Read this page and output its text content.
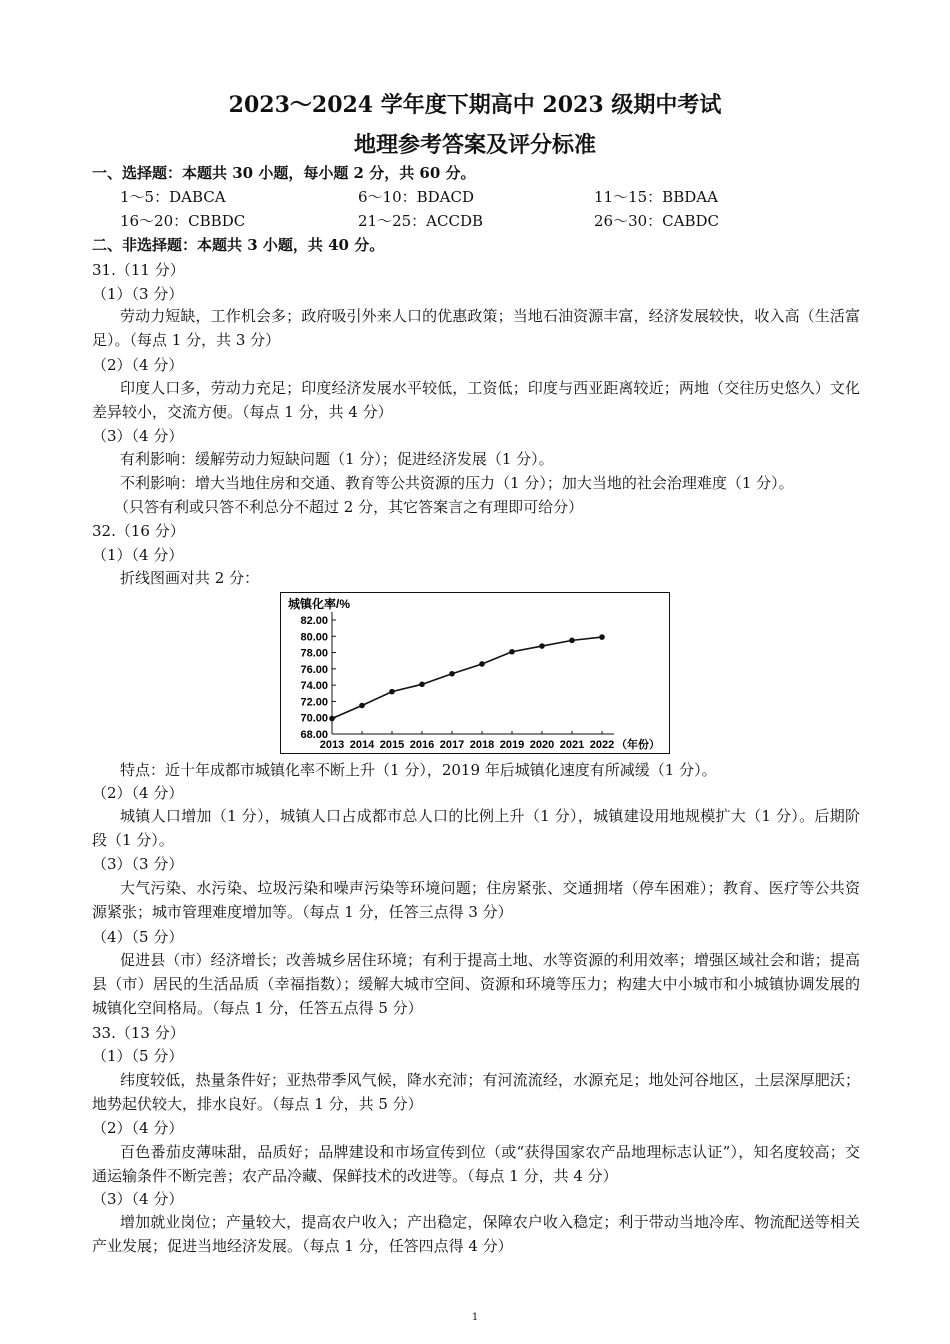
2023～2024 学年度下期高中 2023 级期中考试
地理参考答案及评分标准
一、选择题：本题共 30 小题，每小题 2 分，共 60 分。
1～5：DABCA	6～10：BDACD	11～15：BBDAA
16～20：CBBDC	21～25：ACCDB	26～30：CABDC
二、非选择题：本题共 3 小题，共 40 分。
31.（11 分）
（1）（3 分）
劳动力短缺，工作机会多；政府吸引外来人口的优惠政策；当地石油资源丰富，经济发展较快，收入高（生活富足）。（每点 1 分，共 3 分）
（2）（4 分）
印度人口多，劳动力充足；印度经济发展水平较低，工资低；印度与西亚距离较近；两地（交往历史悠久）文化差异较小，交流方便。（每点 1 分，共 4 分）
（3）（4 分）
有利影响：缓解劳动力短缺问题（1 分）；促进经济发展（1 分）。
不利影响：增大当地住房和交通、教育等公共资源的压力（1 分）；加大当地的社会治理难度（1 分）。
（只答有利或只答不利总分不超过 2 分，其它答案言之有理即可给分）
32.（16 分）
（1）（4 分）
折线图画对共 2 分：
城镇化率/%
68.00
70.00
72.00
74.00
76.00
78.00
80.00
82.00
2013 2014 2015 2016 2017 2018 2019 2020 2021 2022 （年份）
特点：近十年成都市城镇化率不断上升（1 分），2019 年后城镇化速度有所减缓（1 分）。
（2）（4 分）
城镇人口增加（1 分），城镇人口占成都市总人口的比例上升（1 分），城镇建设用地规模扩大（1 分）。后期阶段（1 分）。
（3）（3 分）
大气污染、水污染、垃圾污染和噪声污染等环境问题；住房紧张、交通拥堵（停车困难）；教育、医疗等公共资源紧张；城市管理难度增加等。（每点 1 分，任答三点得 3 分）
（4）（5 分）
促进县（市）经济增长；改善城乡居住环境；有利于提高土地、水等资源的利用效率；增强区域社会和谐；提高县（市）居民的生活品质（幸福指数）；缓解大城市空间、资源和环境等压力；构建大中小城市和小城镇协调发展的城镇化空间格局。（每点 1 分，任答五点得 5 分）
33.（13 分）
（1）（5 分）
纬度较低，热量条件好；亚热带季风气候，降水充沛；有河流流经，水源充足；地处河谷地区，土层深厚肥沃；地势起伏较大，排水良好。（每点 1 分，共 5 分）
（2）（4 分）
百色番茄皮薄味甜，品质好；品牌建设和市场宣传到位（或“获得国家农产品地理标志认证”），知名度较高；交通运输条件不断完善；农产品冷藏、保鲜技术的改进等。（每点 1 分，共 4 分）
（3）（4 分）
增加就业岗位；产量较大，提高农户收入；产出稳定，保障农户收入稳定；利于带动当地冷库、物流配送等相关产业发展；促进当地经济发展。（每点 1 分，任答四点得 4 分）
1
